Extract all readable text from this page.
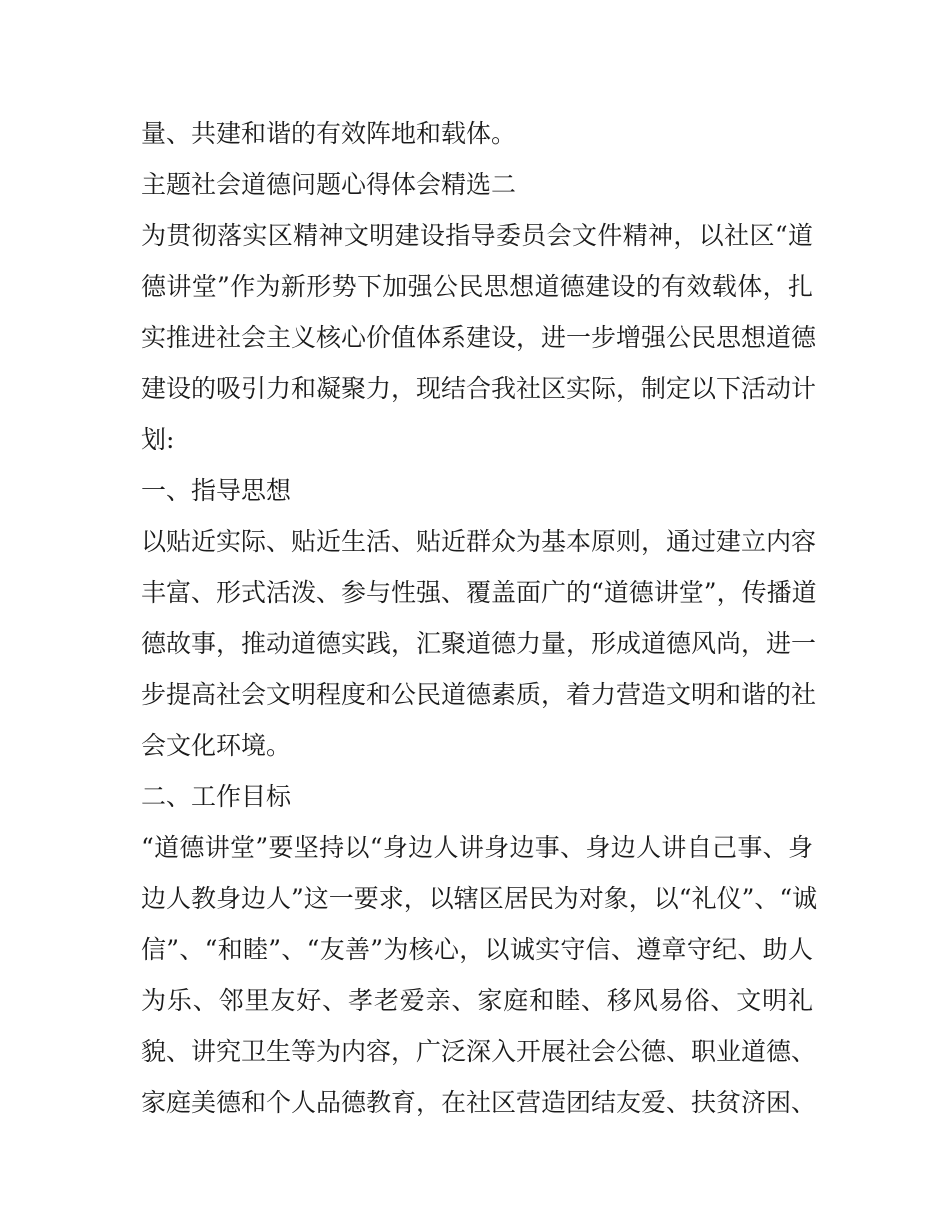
量、共建和谐的有效阵地和载体。
主题社会道德问题心得体会精选二
为贯彻落实区精神文明建设指导委员会文件精神，以社区“道
德讲堂”作为新形势下加强公民思想道德建设的有效载体，扎
实推进社会主义核心价值体系建设，进一步增强公民思想道德
建设的吸引力和凝聚力，现结合我社区实际，制定以下活动计
划:
一、指导思想
以贴近实际、贴近生活、贴近群众为基本原则，通过建立内容
丰富、形式活泼、参与性强、覆盖面广的“道德讲堂”，传播道
德故事，推动道德实践，汇聚道德力量，形成道德风尚，进一
步提高社会文明程度和公民道德素质，着力营造文明和谐的社
会文化环境。
二、工作目标
“道德讲堂”要坚持以“身边人讲身边事、身边人讲自己事、身
边人教身边人”这一要求，以辖区居民为对象，以“礼仪”、“诚
信”、“和睦”、“友善”为核心，以诚实守信、遵章守纪、助人
为乐、邻里友好、孝老爱亲、家庭和睦、移风易俗、文明礼
貌、讲究卫生等为内容，广泛深入开展社会公德、职业道德、
家庭美德和个人品德教育，在社区营造团结友爱、扶贫济困、
